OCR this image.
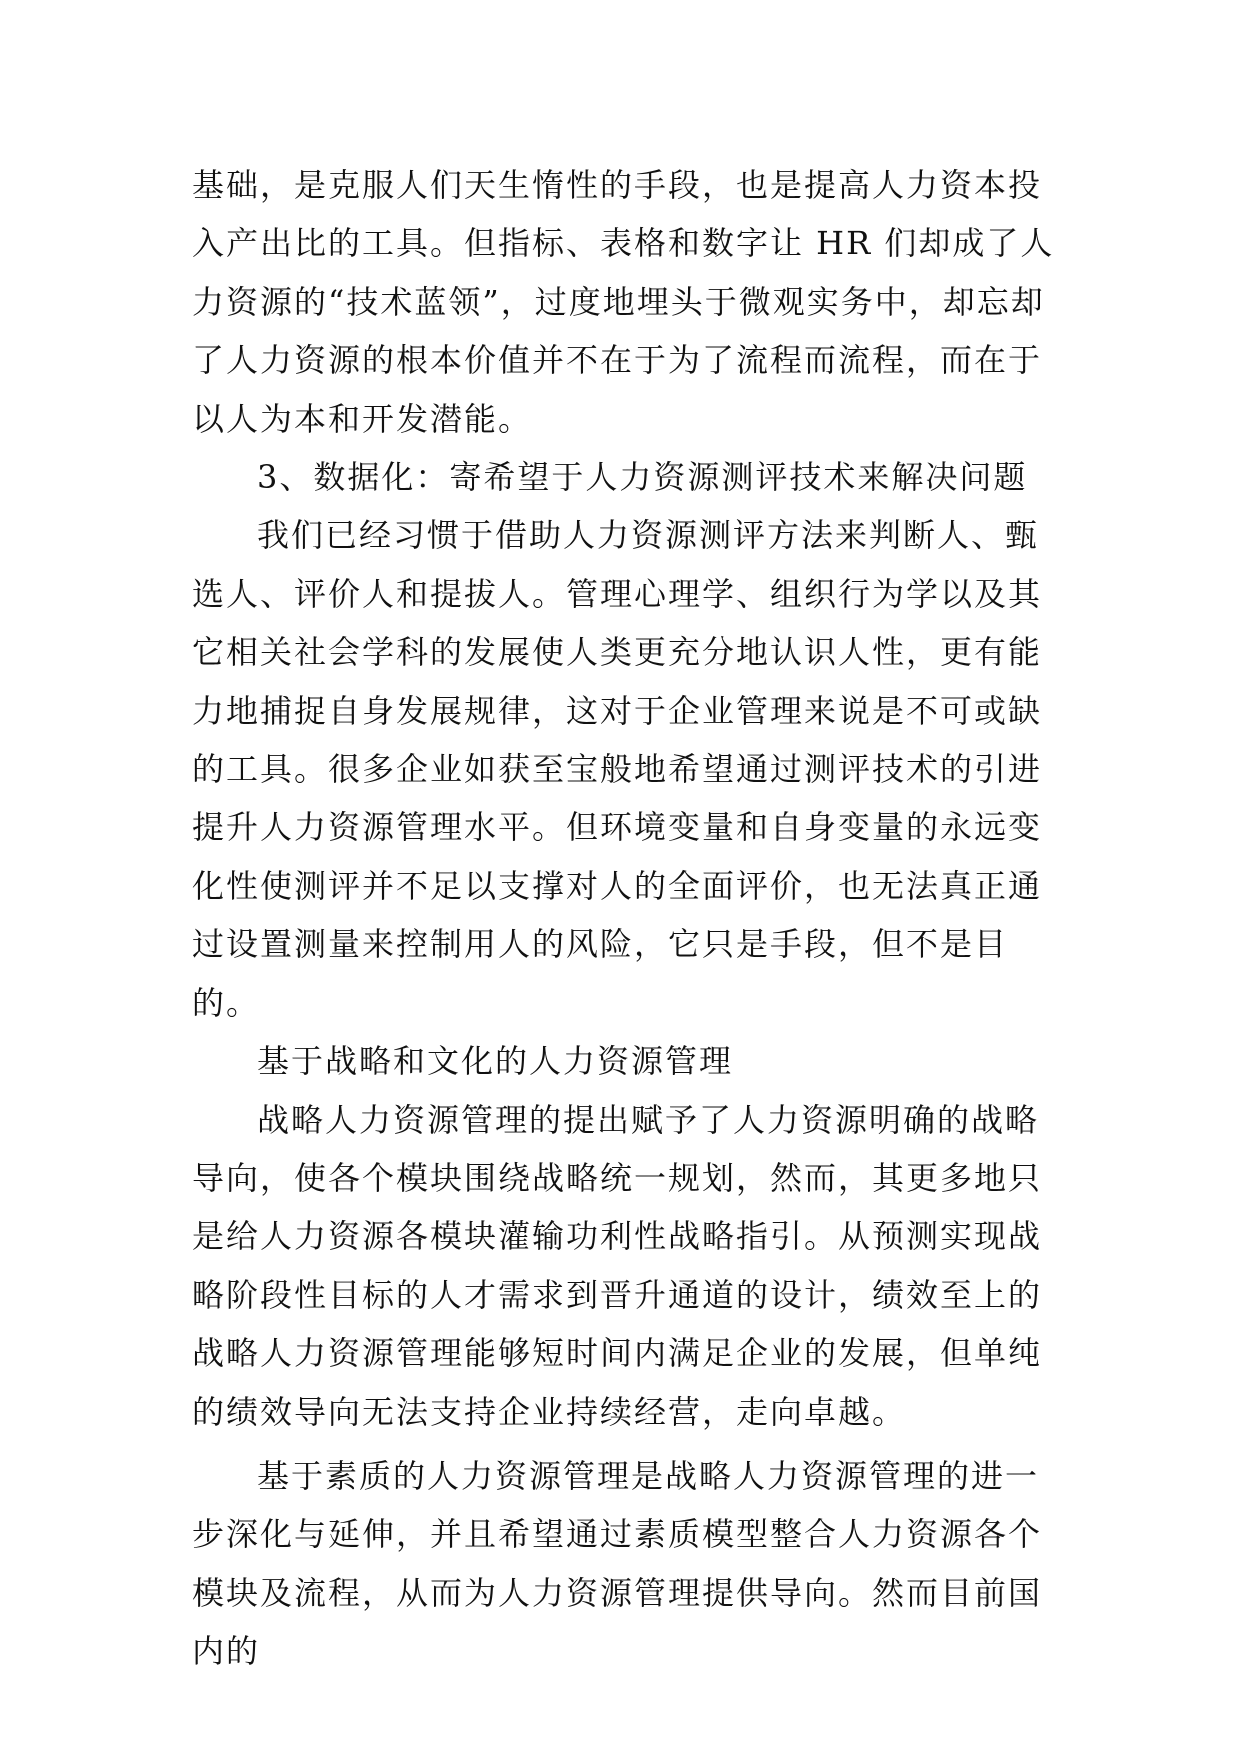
基础，是克服人们天生惰性的手段，也是提高人力资本投入产出比的工具。但指标、表格和数字让 HR 们却成了人力资源的“技术蓝领”，过度地埋头于微观实务中，却忘却了人力资源的根本价值并不在于为了流程而流程，而在于以人为本和开发潜能。

3、数据化：寄希望于人力资源测评技术来解决问题

我们已经习惯于借助人力资源测评方法来判断人、甄选人、评价人和提拔人。管理心理学、组织行为学以及其它相关社会学科的发展使人类更充分地认识人性，更有能力地捕捉自身发展规律，这对于企业管理来说是不可或缺的工具。很多企业如获至宝般地希望通过测评技术的引进提升人力资源管理水平。但环境变量和自身变量的永远变化性使测评并不足以支撑对人的全面评价，也无法真正通过设置测量来控制用人的风险，它只是手段，但不是目的。

基于战略和文化的人力资源管理

战略人力资源管理的提出赋予了人力资源明确的战略导向，使各个模块围绕战略统一规划，然而，其更多地只是给人力资源各模块灌输功利性战略指引。从预测实现战略阶段性目标的人才需求到晋升通道的设计，绩效至上的战略人力资源管理能够短时间内满足企业的发展，但单纯的绩效导向无法支持企业持续经营，走向卓越。

基于素质的人力资源管理是战略人力资源管理的进一步深化与延伸，并且希望通过素质模型整合人力资源各个模块及流程，从而为人力资源管理提供导向。然而目前国内的
